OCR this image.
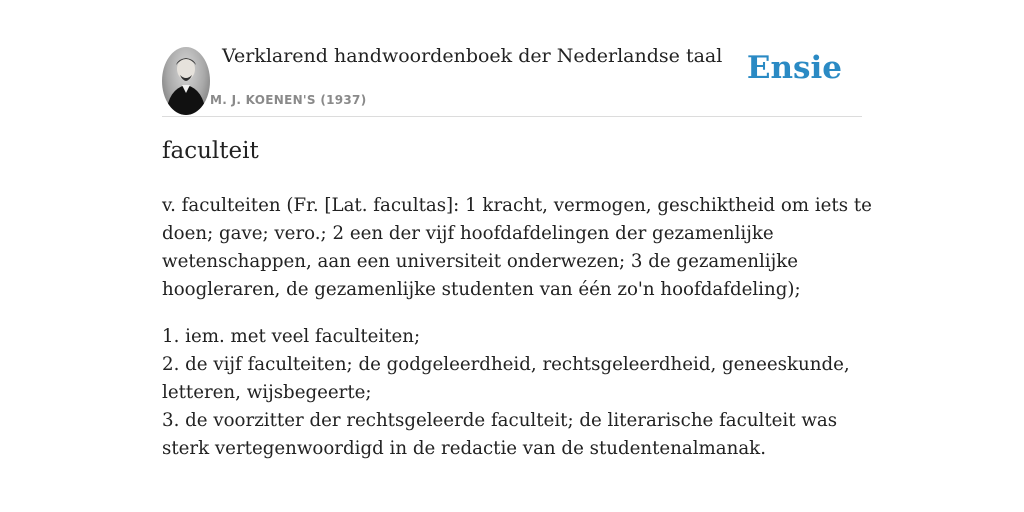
Verklarend handwoordenboek der Nederlandse taal
M. J. KOENEN'S (1937)
Ensie
faculteit

v. faculteiten (Fr. [Lat. facultas]: 1 kracht, vermogen, geschiktheid om iets te doen; gave; vero.; 2 een der vijf hoofdafdelingen der gezamenlijke wetenschappen, aan een universiteit onderwezen; 3 de gezamenlijke hoogleraren, de gezamenlijke studenten van één zo'n hoofdafdeling);

1. iem. met veel faculteiten;

2. de vijf faculteiten; de godgeleerdheid, rechtsgeleerdheid, geneeskunde, letteren, wijsbegeerte;

3. de voorzitter der rechtsgeleerde faculteit; de literarische faculteit was sterk vertegenwoordigd in de redactie van de studentenalmanak.
